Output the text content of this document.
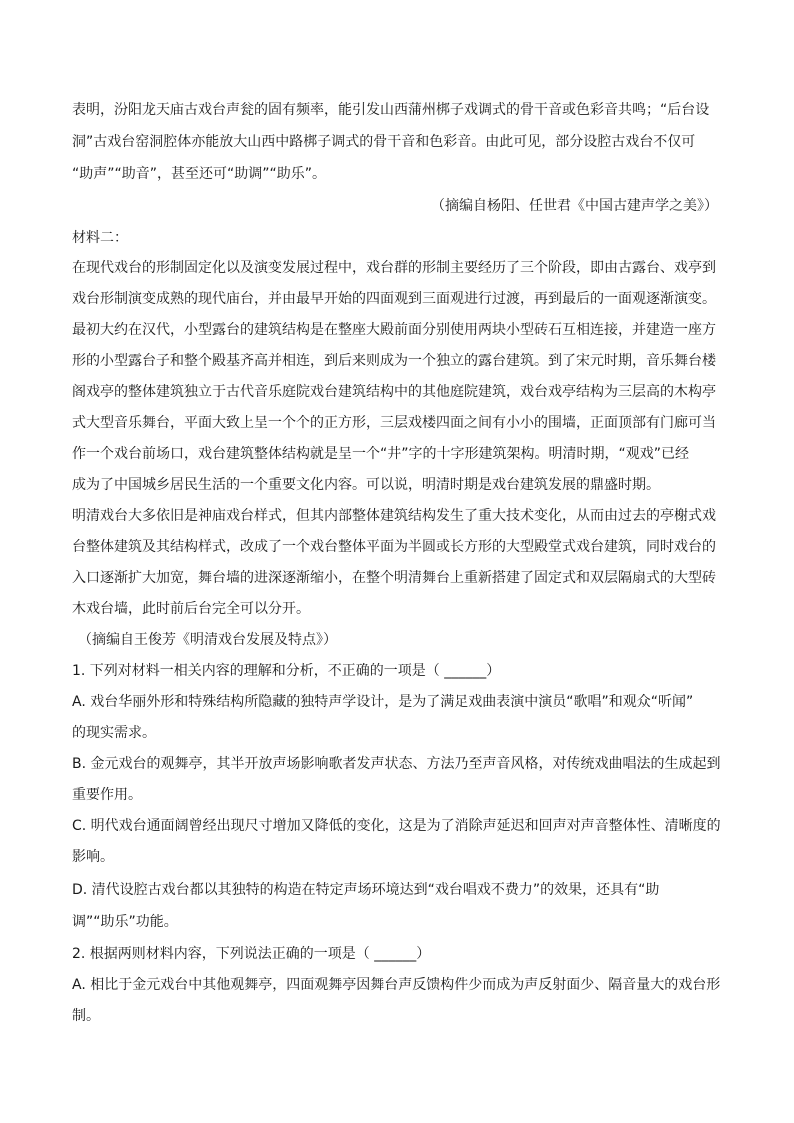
表明，汾阳龙天庙古戏台声瓮的固有频率，能引发山西蒲州梆子戏调式的骨干音或色彩音共鸣；“后台设
洞”古戏台窑洞腔体亦能放大山西中路梆子调式的骨干音和色彩音。由此可见，部分设腔古戏台不仅可
“助声”“助音”，甚至还可“助调”“助乐”。
（摘编自杨阳、任世君《中国古建声学之美》）
材料二：
在现代戏台的形制固定化以及演变发展过程中，戏台群的形制主要经历了三个阶段，即由古露台、戏亭到
戏台形制演变成熟的现代庙台，并由最早开始的四面观到三面观进行过渡，再到最后的一面观逐渐演变。
最初大约在汉代，小型露台的建筑结构是在整座大殿前面分别使用两块小型砖石互相连接，并建造一座方
形的小型露台子和整个殿基齐高并相连，到后来则成为一个独立的露台建筑。到了宋元时期，音乐舞台楼
阁戏亭的整体建筑独立于古代音乐庭院戏台建筑结构中的其他庭院建筑，戏台戏亭结构为三层高的木构亭
式大型音乐舞台，平面大致上呈一个个的正方形，三层戏楼四面之间有小小的围墙，正面顶部有门廊可当
作一个戏台前场口，戏台建筑整体结构就是呈一个“井”字的十字形建筑架构。明清时期，“观戏”已经
成为了中国城乡居民生活的一个重要文化内容。可以说，明清时期是戏台建筑发展的鼎盛时期。
明清戏台大多依旧是神庙戏台样式，但其内部整体建筑结构发生了重大技术变化，从而由过去的亭榭式戏
台整体建筑及其结构样式，改成了一个戏台整体平面为半圆或长方形的大型殿堂式戏台建筑，同时戏台的
入口逐渐扩大加宽，舞台墙的进深逐渐缩小，在整个明清舞台上重新搭建了固定式和双层隔扇式的大型砖
木戏台墙，此时前后台完全可以分开。
（摘编自王俊芳《明清戏台发展及特点》）
1. 下列对材料一相关内容的理解和分析，不正确的一项是（ ______）
A. 戏台华丽外形和特殊结构所隐藏的独特声学设计，是为了满足戏曲表演中演员“歌唱”和观众“听闻”
的现实需求。
B. 金元戏台的观舞亭，其半开放声场影响歌者发声状态、方法乃至声音风格，对传统戏曲唱法的生成起到
重要作用。
C. 明代戏台通面阔曾经出现尺寸增加又降低的变化，这是为了消除声延迟和回声对声音整体性、清晰度的
影响。
D. 清代设腔古戏台都以其独特的构造在特定声场环境达到“戏台唱戏不费力”的效果，还具有“助
调”“助乐”功能。
2. 根据两则材料内容，下列说法正确的一项是（ ______）
A. 相比于金元戏台中其他观舞亭，四面观舞亭因舞台声反馈构件少而成为声反射面少、隔音量大的戏台形
制。
